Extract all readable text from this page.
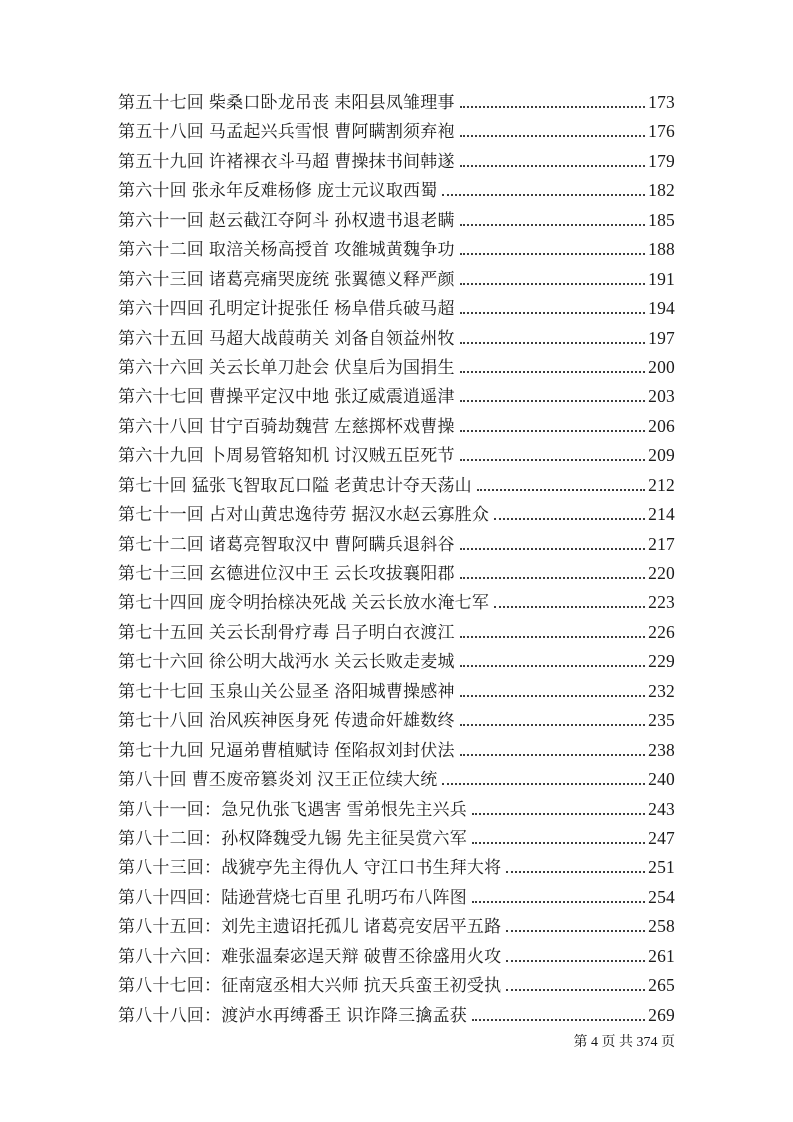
第五十七回 柴桑口卧龙吊丧 耒阳县凤雏理事	173
第五十八回 马孟起兴兵雪恨 曹阿瞒割须弃袍	176
第五十九回 许褚裸衣斗马超 曹操抹书间韩遂	179
第六十回 张永年反难杨修 庞士元议取西蜀	182
第六十一回 赵云截江夺阿斗 孙权遗书退老瞒	185
第六十二回 取涪关杨高授首 攻雒城黄魏争功	188
第六十三回 诸葛亮痛哭庞统 张翼德义释严颜	191
第六十四回 孔明定计捉张任 杨阜借兵破马超	194
第六十五回 马超大战葭萌关 刘备自领益州牧	197
第六十六回 关云长单刀赴会 伏皇后为国捐生	200
第六十七回 曹操平定汉中地 张辽威震逍遥津	203
第六十八回 甘宁百骑劫魏营 左慈掷杯戏曹操	206
第六十九回 卜周易管辂知机 讨汉贼五臣死节	209
第七十回 猛张飞智取瓦口隘 老黄忠计夺天荡山	212
第七十一回 占对山黄忠逸待劳 据汉水赵云寡胜众	214
第七十二回 诸葛亮智取汉中 曹阿瞒兵退斜谷	217
第七十三回 玄德进位汉中王 云长攻拔襄阳郡	220
第七十四回 庞令明抬榇决死战 关云长放水淹七军	223
第七十五回 关云长刮骨疗毒 吕子明白衣渡江	226
第七十六回 徐公明大战沔水 关云长败走麦城	229
第七十七回 玉泉山关公显圣 洛阳城曹操感神	232
第七十八回 治风疾神医身死 传遗命奸雄数终	235
第七十九回 兄逼弟曹植赋诗 侄陷叔刘封伏法	238
第八十回 曹丕废帝篡炎刘 汉王正位续大统	240
第八十一回：急兄仇张飞遇害 雪弟恨先主兴兵	243
第八十二回：孙权降魏受九锡 先主征吴赏六军	247
第八十三回：战猇亭先主得仇人 守江口书生拜大将	251
第八十四回：陆逊营烧七百里 孔明巧布八阵图	254
第八十五回：刘先主遗诏托孤儿 诸葛亮安居平五路	258
第八十六回：难张温秦宓逞天辩 破曹丕徐盛用火攻	261
第八十七回：征南寇丞相大兴师 抗天兵蛮王初受执	265
第八十八回：渡泸水再缚番王 识诈降三擒孟获	269
第 4 页 共 374 页
